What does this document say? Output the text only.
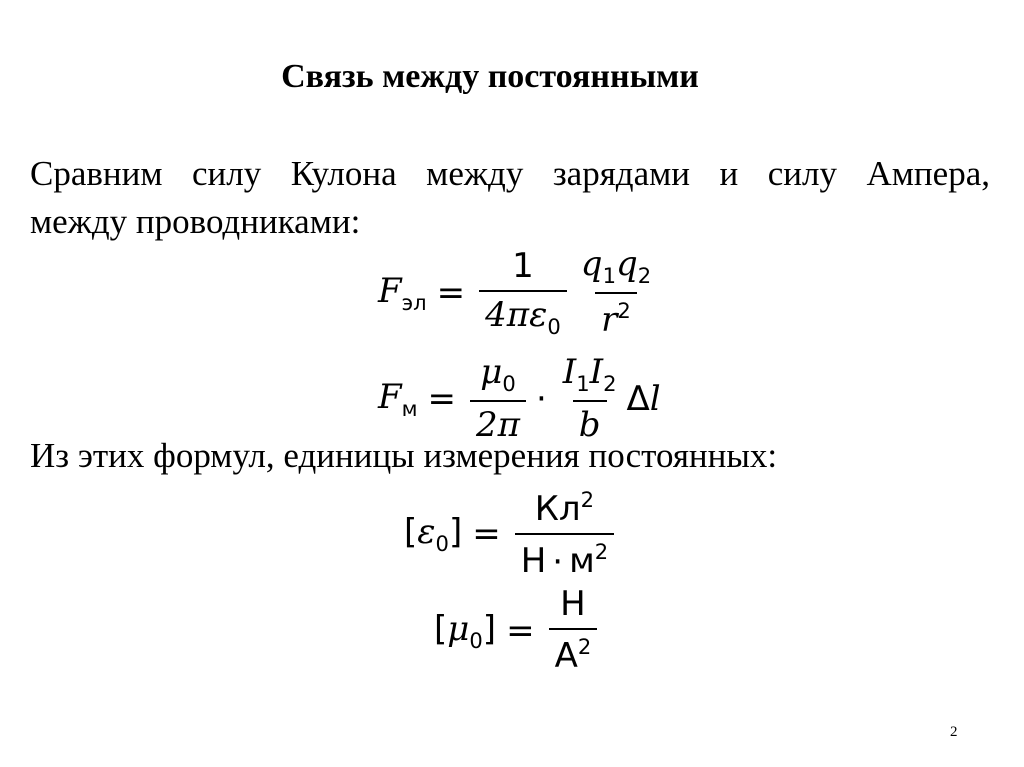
Связь между постоянными
Сравним силу Кулона между зарядами и силу Ампера,
между проводниками:
$F_{эл} = \frac{1}{4\pi\varepsilon_0} \frac{q_1q_2}{r^2}$
$F_м = \frac{\mu_0}{2\pi} \cdot \frac{I_1I_2}{b}$ Δl
Из этих формул, единицы измерения постоянных:
$[\varepsilon_0] = \frac{Кл^2}{Н \cdot м^2}$
$[\mu_0] = \frac{Н}{А^2}$
2
